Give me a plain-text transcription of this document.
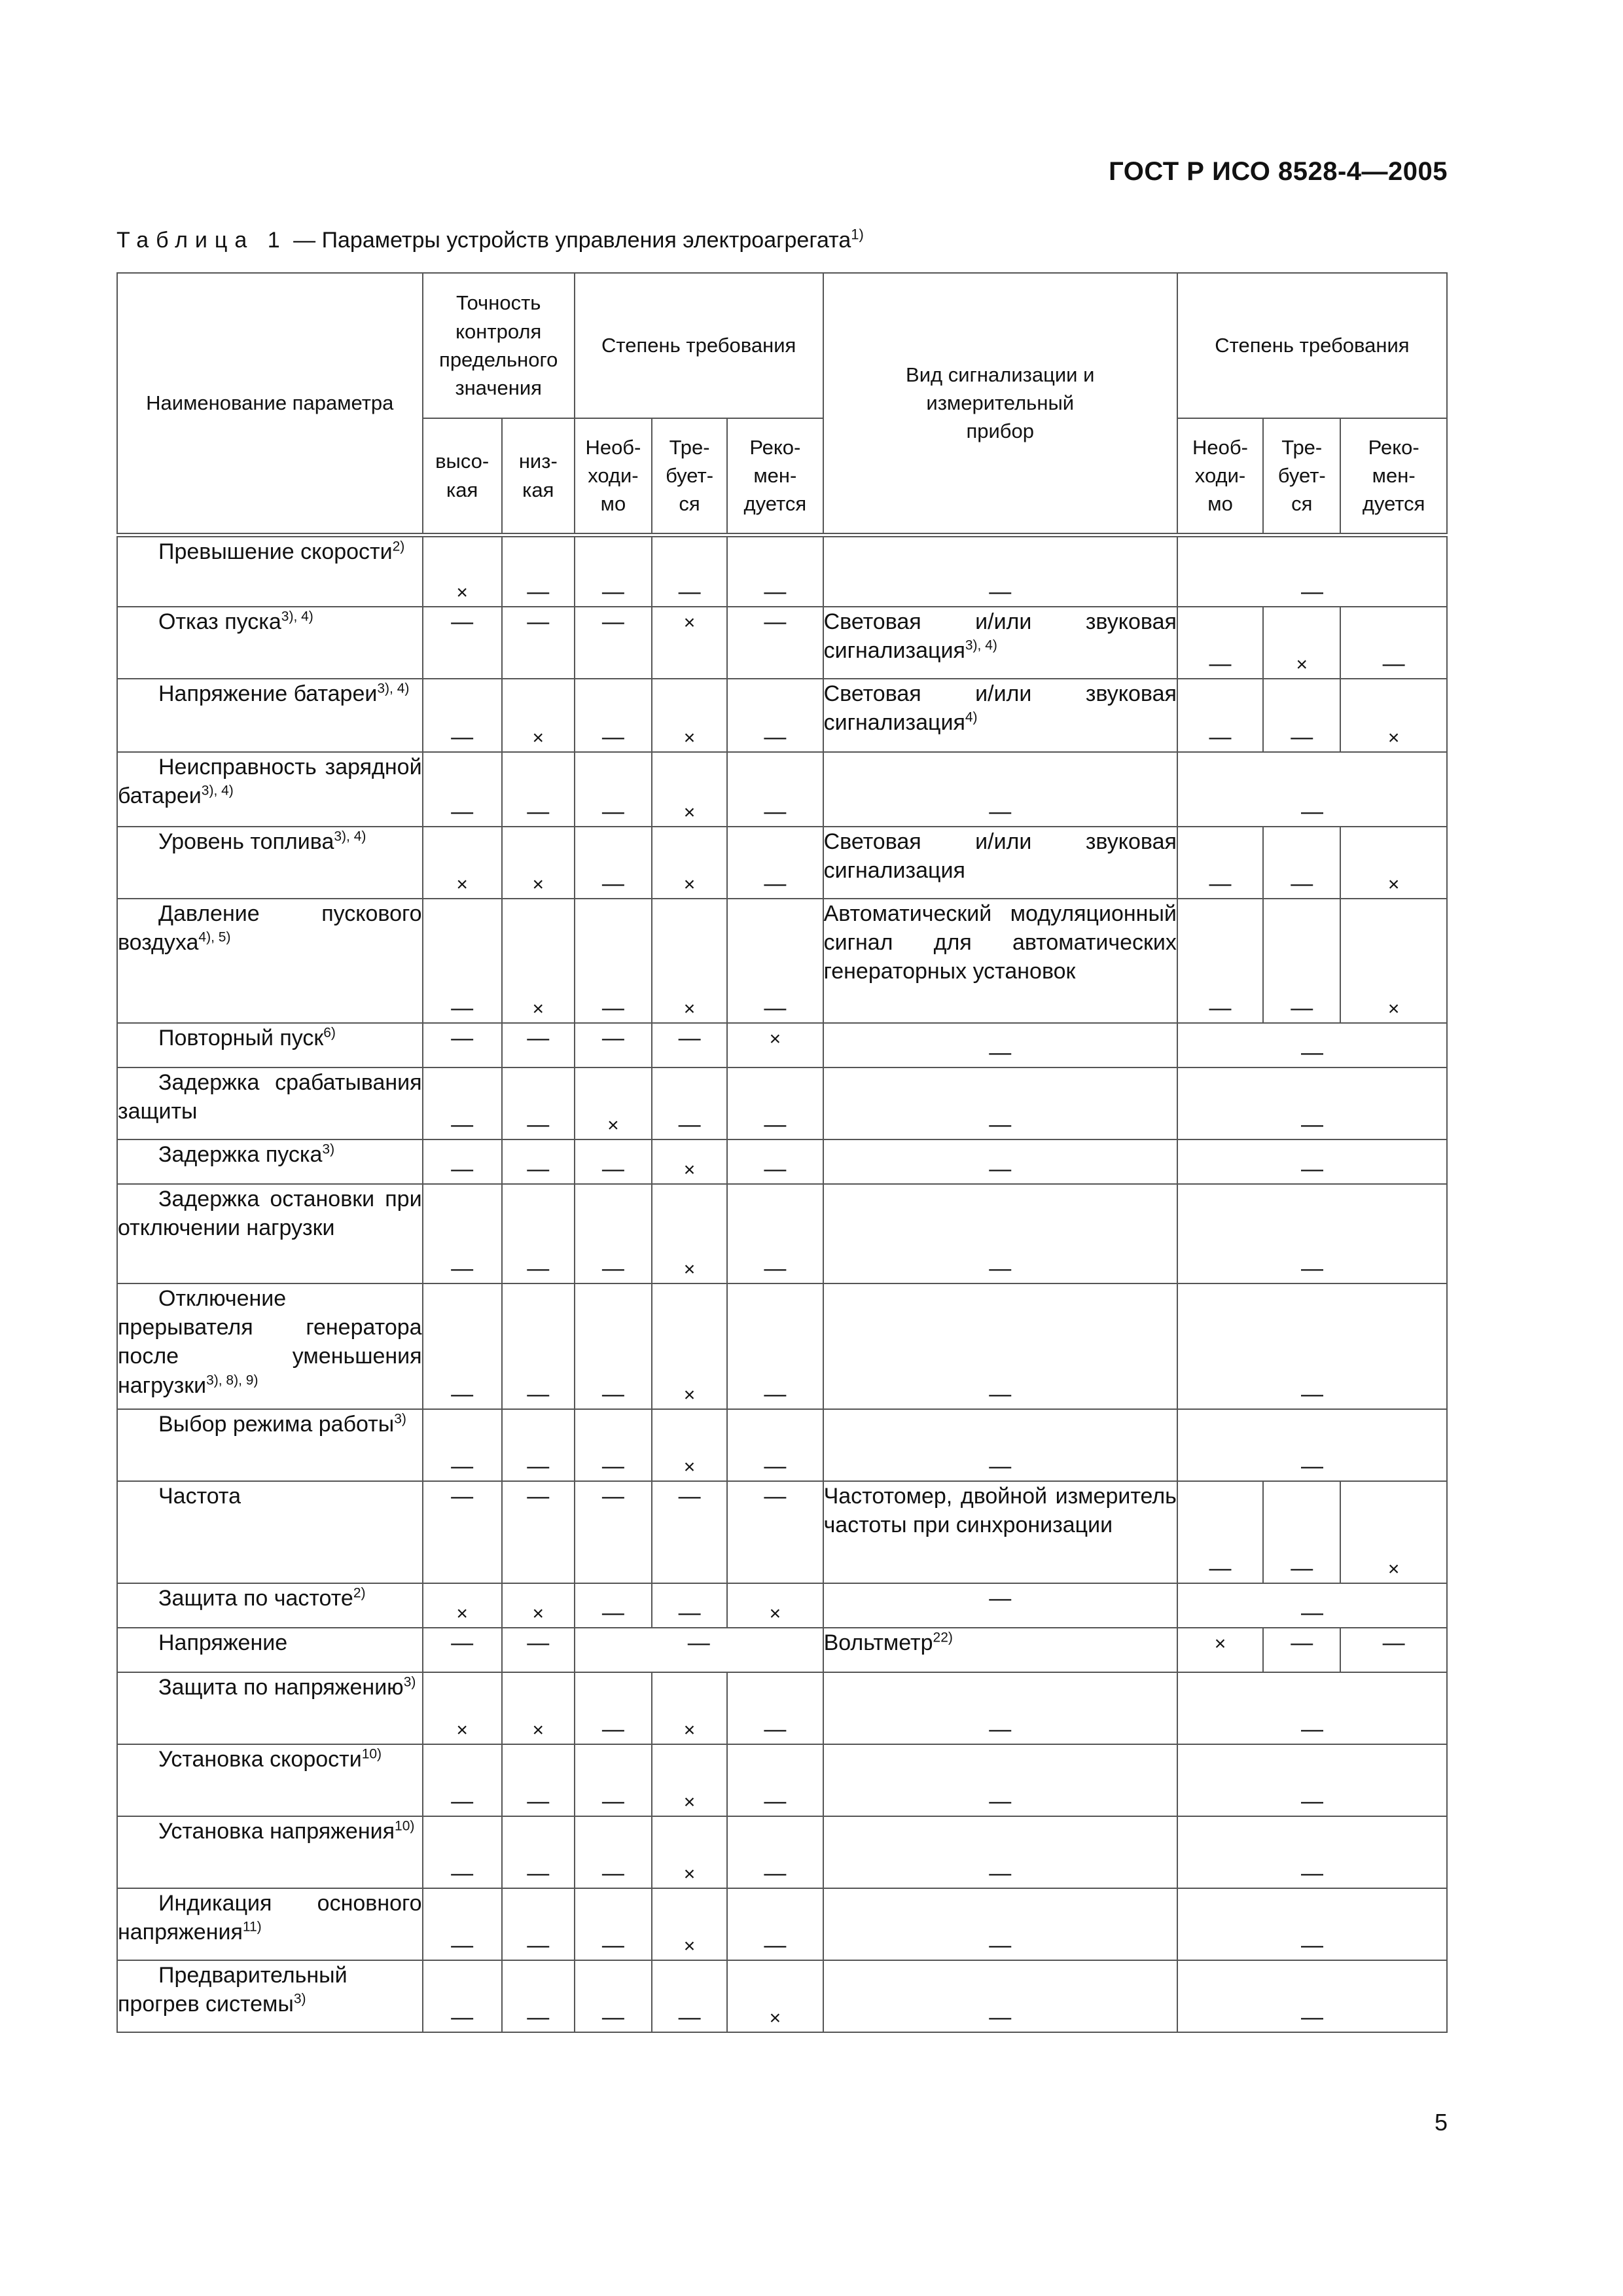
ГОСТ Р ИСО 8528-4—2005
Таблица 1 — Параметры устройств управления электроагрегата$^{1)}$
Наименование параметра	Точность контроля предельного значения		Степень требования			Вид сигнализации и измерительный прибор	Степень требования		
	высо-кая	низ-кая	Необ-ходи-мо	Тре-бует-ся	Реко-мен-дуется		Необ-ходи-мо	Тре-бует-ся	Реко-мен-дуется
Превышение скорости$^{2)}$	×	—	—	—	—	—	—		
Отказ пуска$^{3), 4)}$	—	—	—	×	—	Световая и/или звуковая сигнализация$^{3), 4)}$	—	×	—
Напряжение батареи$^{3), 4)}$	—	×	—	×	—	Световая и/или звуковая сигнализация$^{4)}$	—	—	×
Неисправность зарядной батареи$^{3), 4)}$	—	—	—	×	—	—	—		
Уровень топлива$^{3), 4)}$	×	×	—	×	—	Световая и/или звуковая сигнализация	—	—	×
Давление пускового воздуха$^{4), 5)}$	—	×	—	×	—	Автоматический модуляционный сигнал для автоматических генераторных установок	—	—	×
Повторный пуск$^{6)}$	—	—	—	—	×	—	—		
Задержка срабатывания защиты	—	—	×	—	—	—	—		
Задержка пуска$^{3)}$	—	—	—	×	—	—	—		
Задержка остановки при отключении нагрузки	—	—	—	×	—	—	—		
Отключение прерывателя генератора после уменьшения нагрузки$^{3), 8), 9)}$	—	—	—	×	—	—	—		
Выбор режима работы$^{3)}$	—	—	—	×	—	—	—		
Частота	—	—	—	—	—	Частотомер, двойной измеритель частоты при синхронизации	—	—	×
Защита по частоте$^{2)}$	×	×	—	—	×	—	—		
Напряжение	—	—	—			Вольтметр$^{22)}$	×	—	—
Защита по напряжению$^{3)}$	×	×	—	×	—	—	—		
Установка скорости$^{10)}$	—	—	—	×	—	—	—		
Установка напряжения$^{10)}$	—	—	—	×	—	—	—		
Индикация основного напряжения$^{11)}$	—	—	—	×	—	—	—		
Предварительный прогрев системы$^{3)}$	—	—	—	—	×	—	—		
5
